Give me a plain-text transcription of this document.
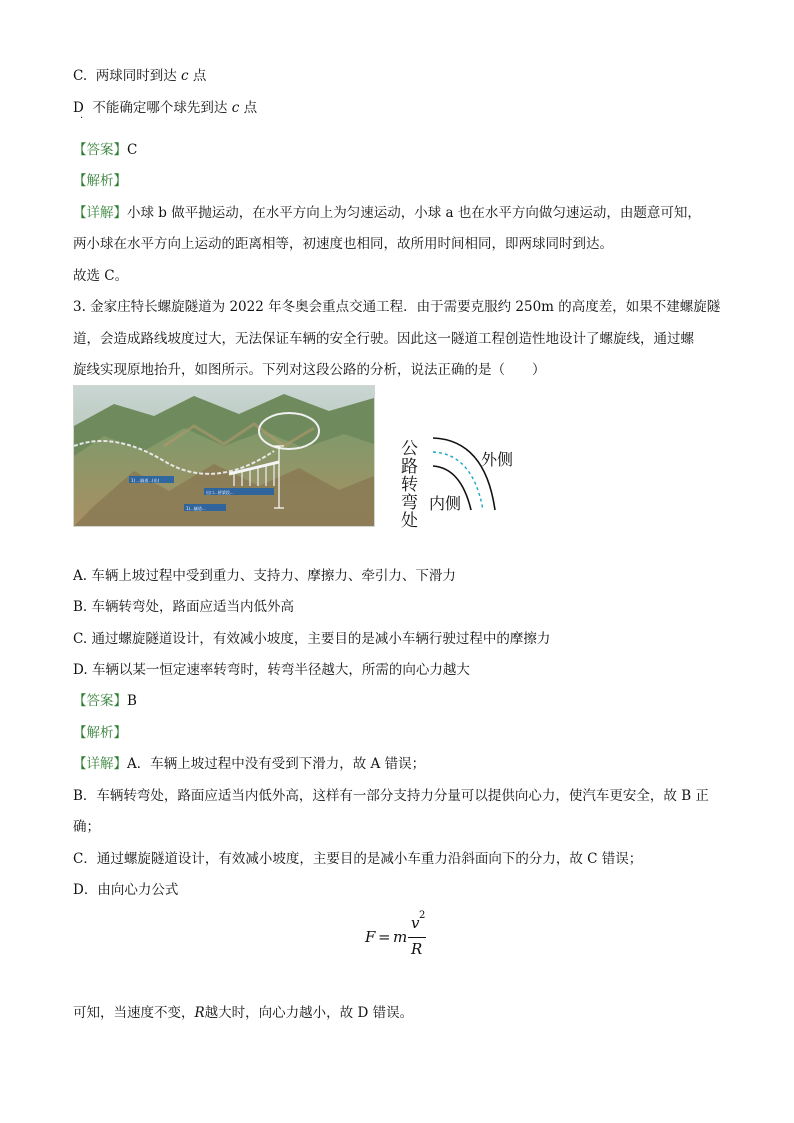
C. 两球同时到达 c 点
D 不能确定哪个球先到达 c 点
·
【答案】C
【解析】
【详解】小球 b 做平抛运动，在水平方向上为匀速运动，小球 a 也在水平方向做匀速运动，由题意可知，
两小球在水平方向上运动的距离相等，初速度也相同，故所用时间相同，即两球同时到达。
故选 C。
3. 金家庄特长螺旋隧道为 2022 年冬奥会重点交通工程．由于需要克服约 250m 的高度差，如果不建螺旋隧
道，会造成路线坡度过大，无法保证车辆的安全行驶。因此这一隧道工程创造性地设计了螺旋线，通过螺
旋线实现原地抬升，如图所示。下列对这段公路的分析，说法正确的是（　　）
1) ...隧道...(出)
出口...桥梁段...
1)...隧道...
公
路
转
弯
处
外侧
内侧
A. 车辆上坡过程中受到重力、支持力、摩擦力、牵引力、下滑力
B. 车辆转弯处，路面应适当内低外高
C. 通过螺旋隧道设计，有效减小坡度，主要目的是减小车辆行驶过程中的摩擦力
D. 车辆以某一恒定速率转弯时，转弯半径越大，所需的向心力越大
【答案】B
【解析】
【详解】A．车辆上坡过程中没有受到下滑力，故 A 错误；
B．车辆转弯处，路面应适当内低外高，这样有一部分支持力分量可以提供向心力，使汽车更安全，故 B 正
确；
C．通过螺旋隧道设计，有效减小坡度，主要目的是减小车重力沿斜面向下的分力，故 C 错误；
D．由向心力公式
F = m
v 2
R
可知，当速度不变，R越大时，向心力越小，故 D 错误。
